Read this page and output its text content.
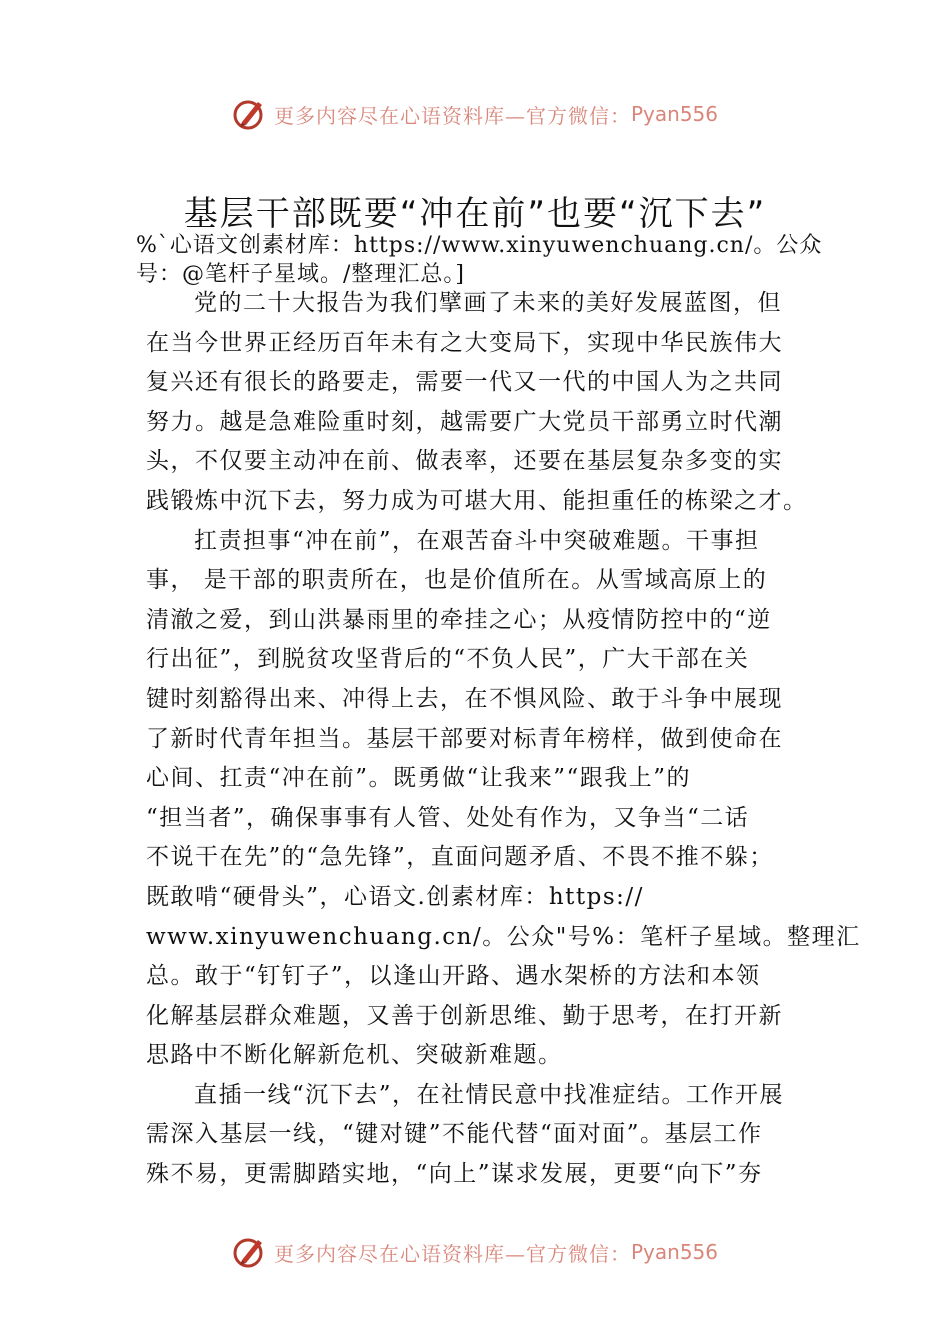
更多内容尽在心语资料库—官方微信： Pyan556
基层干部既要“冲在前”也要“沉下去”
%`心语文创素材库：https://www.xinyuwenchuang.cn/。公众
号：@笔杆子星域。/整理汇总。]
党的二十大报告为我们擘画了未来的美好发展蓝图，但
在当今世界正经历百年未有之大变局下，实现中华民族伟大
复兴还有很长的路要走，需要一代又一代的中国人为之共同
努力。越是急难险重时刻，越需要广大党员干部勇立时代潮
头，不仅要主动冲在前、做表率，还要在基层复杂多变的实
践锻炼中沉下去，努力成为可堪大用、能担重任的栋梁之才。
扛责担事“冲在前”，在艰苦奋斗中突破难题。干事担
事， 是干部的职责所在，也是价值所在。从雪域高原上的
清澈之爱，到山洪暴雨里的牵挂之心；从疫情防控中的“逆
行出征”，到脱贫攻坚背后的“不负人民”，广大干部在关
键时刻豁得出来、冲得上去，在不惧风险、敢于斗争中展现
了新时代青年担当。基层干部要对标青年榜样，做到使命在
心间、扛责“冲在前”。既勇做“让我来”“跟我上”的
“担当者”，确保事事有人管、处处有作为，又争当“二话
不说干在先”的“急先锋”，直面问题矛盾、不畏不推不躲；
既敢啃“硬骨头”，心语文.创素材库：https://
www.xinyuwenchuang.cn/。公众"号%：笔杆子星域。整理汇
总。敢于“钉钉子”，以逢山开路、遇水架桥的方法和本领
化解基层群众难题，又善于创新思维、勤于思考，在打开新
思路中不断化解新危机、突破新难题。
直插一线“沉下去”，在社情民意中找准症结。工作开展
需深入基层一线，“键对键”不能代替“面对面”。基层工作
殊不易，更需脚踏实地，“向上”谋求发展，更要“向下”夯
更多内容尽在心语资料库—官方微信： Pyan556
